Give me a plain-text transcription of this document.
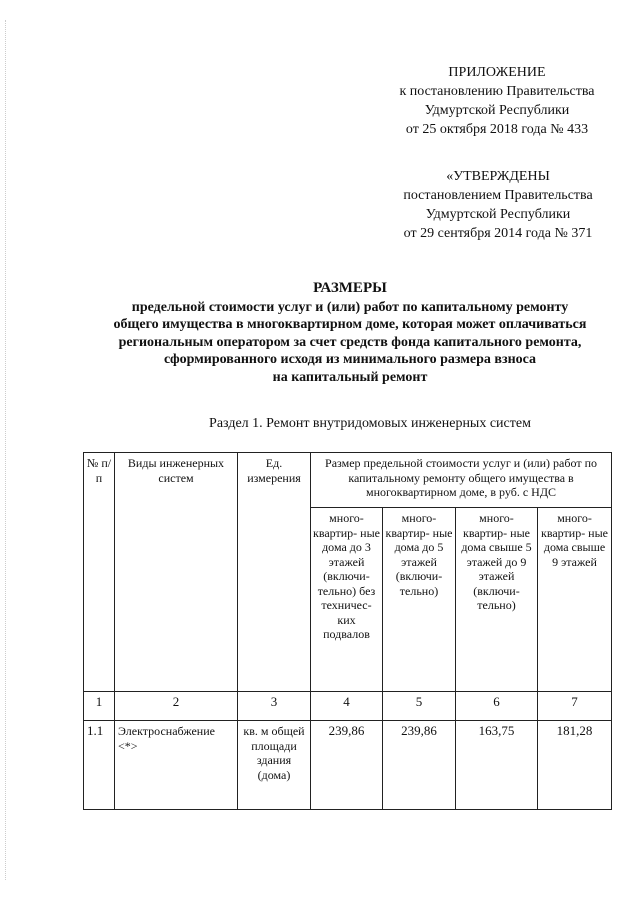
ПРИЛОЖЕНИЕ
к постановлению Правительства
Удмуртской Республики
от 25 октября 2018 года № 433
«УТВЕРЖДЕНЫ
постановлением Правительства
Удмуртской Республики
от 29 сентября 2014 года № 371
РАЗМЕРЫ
предельной стоимости услуг и (или) работ по капитальному ремонту
общего имущества в многоквартирном доме, которая может оплачиваться
региональным оператором за счет средств фонда капитального ремонта,
сформированного исходя из минимального размера взноса
на капитальный ремонт
Раздел 1. Ремонт внутридомовых инженерных систем
№ п/п	Виды инженерных систем	Ед. измерения	Размер предельной стоимости услуг и (или) работ по капитальному ремонту общего имущества в многоквартирном доме, в руб. с НДС			
			много- квартир- ные дома до 3 этажей (включи- тельно) без техничес- ких подвалов	много- квартир- ные дома до 5 этажей (включи- тельно)	много- квартир- ные дома свыше 5 этажей до 9 этажей (включи- тельно)	много- квартир- ные дома свыше 9 этажей
1	2	3	4	5	6	7
1.1	Электроснабжение <*>	кв. м общей площади здания (дома)	239,86	239,86	163,75	181,28
